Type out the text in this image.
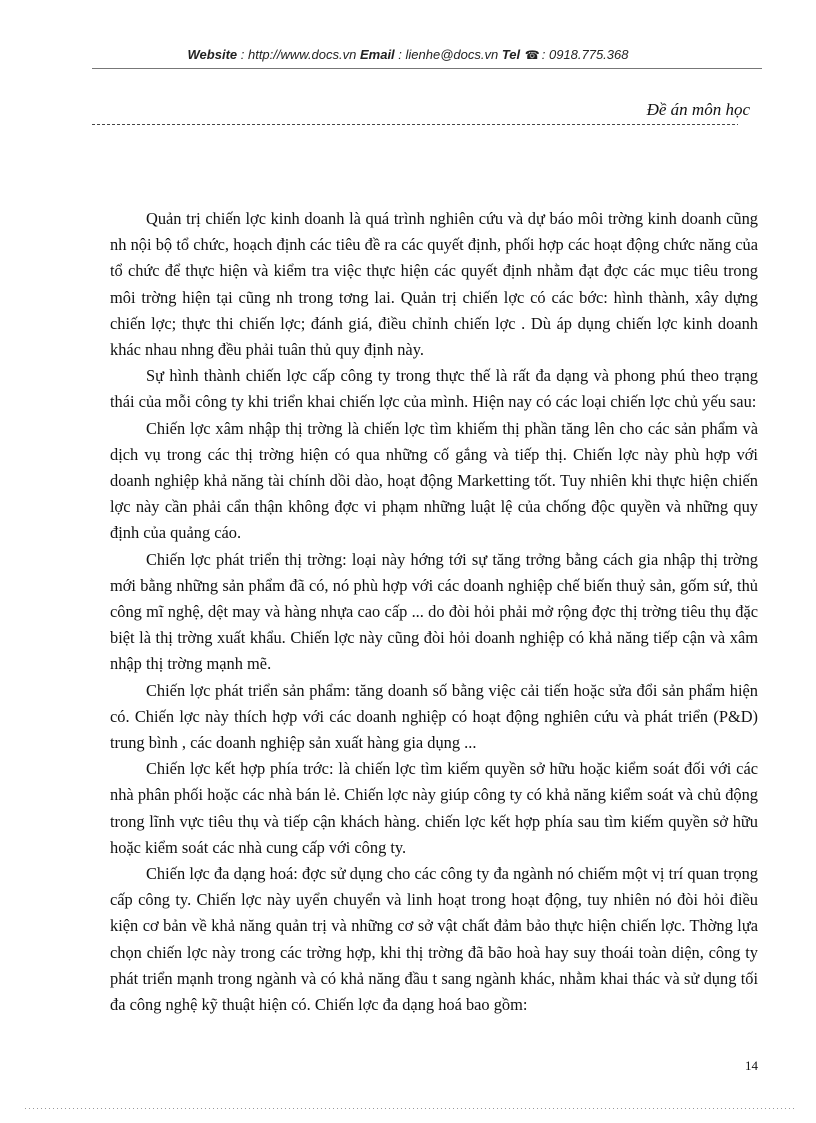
Website : http://www.docs.vn Email : lienhe@docs.vn Tel ☎ : 0918.775.368
Đề án môn học

Quản trị chiến lợc kinh doanh là quá trình nghiên cứu và dự báo môi trờng kinh doanh cũng nh nội bộ tổ chức, hoạch định các tiêu đề ra các quyết định, phối hợp các hoạt động chức năng của tổ chức để thực hiện và kiểm tra việc thực hiện các quyết định nhằm đạt đợc các mục tiêu trong môi trờng hiện tại cũng nh trong tơng lai. Quản trị chiến lợc có các bớc: hình thành, xây dựng chiến lợc; thực thi chiến lợc; đánh giá, điều chỉnh chiến lợc . Dù áp dụng chiến lợc kinh doanh khác nhau nhng đều phải tuân thủ quy định này.

Sự hình thành chiến lợc cấp công ty trong thực thế là rất đa dạng và phong phú theo trạng thái của mỗi công ty khi triển khai chiến lợc của mình. Hiện nay có các loại chiến lợc chủ yếu sau:

Chiến lợc xâm nhập thị trờng là chiến lợc tìm khiếm thị phần tăng lên cho các sản phẩm và dịch vụ trong các thị trờng hiện có qua những cố gắng và tiếp thị. Chiến lợc này phù hợp với doanh nghiệp khả năng tài chính dồi dào, hoạt động Marketting tốt. Tuy nhiên khi thực hiện chiến lợc này cần phải cẩn thận không đợc vi phạm những luật lệ của chống độc quyền và những quy định của quảng cáo.

Chiến lợc phát triển thị trờng: loại này hớng tới sự tăng trởng bằng cách gia nhập thị trờng mới bằng những sản phẩm đã có, nó phù hợp với các doanh nghiệp chế biến thuỷ sản, gốm sứ, thủ công mĩ nghệ, dệt may và hàng nhựa cao cấp ... do đòi hỏi phải mở rộng đợc thị trờng tiêu thụ đặc biệt là thị trờng xuất khẩu. Chiến lợc này cũng đòi hỏi doanh nghiệp có khả năng tiếp cận và xâm nhập thị trờng mạnh mẽ.

Chiến lợc phát triển sản phẩm: tăng doanh số bằng việc cải tiến hoặc sửa đổi sản phẩm hiện có. Chiến lợc này thích hợp với các doanh nghiệp có hoạt động nghiên cứu và phát triển (P&D) trung bình , các doanh nghiệp sản xuất hàng gia dụng ...

Chiến lợc kết hợp phía trớc: là chiến lợc tìm kiếm quyền sở hữu hoặc kiểm soát đối với các nhà phân phối hoặc các nhà bán lẻ. Chiến lợc này giúp công ty có khả năng kiểm soát và chủ động trong lĩnh vực tiêu thụ và tiếp cận khách hàng. chiến lợc kết hợp phía sau tìm kiếm quyền sở hữu hoặc kiểm soát các nhà cung cấp với công ty.

Chiến lợc đa dạng hoá: đợc sử dụng cho các công ty đa ngành nó chiếm một vị trí quan trọng cấp công ty. Chiến lợc này uyển chuyển và linh hoạt trong hoạt động, tuy nhiên nó đòi hỏi điều kiện cơ bản về khả năng quản trị và những cơ sở vật chất đảm bảo thực hiện chiến lợc. Thờng lựa chọn chiến lợc này trong các trờng hợp, khi thị trờng đã bão hoà hay suy thoái toàn diện, công ty phát triển mạnh trong ngành và có khả năng đầu t sang ngành khác, nhằm khai thác và sử dụng tối đa công nghệ kỹ thuật hiện có. Chiến lợc đa dạng hoá bao gồm:

14
